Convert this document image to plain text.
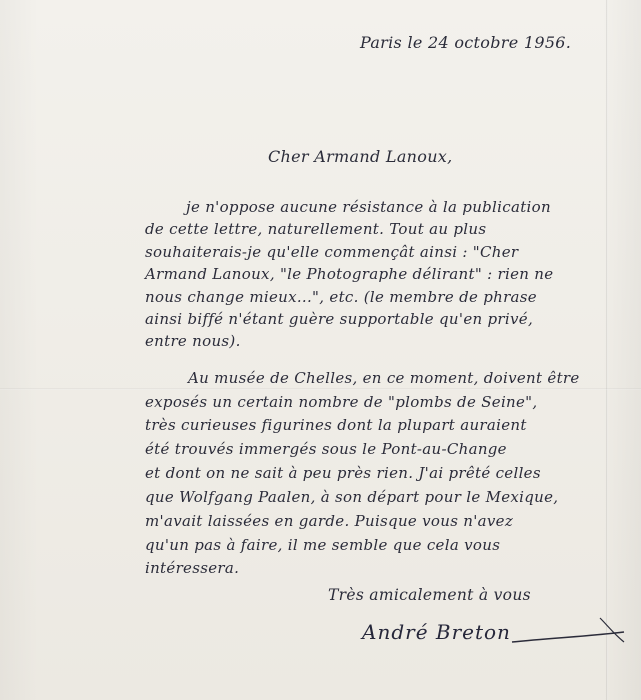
Paris le 24 octobre 1956.
Cher Armand Lanoux,
je n'oppose aucune résistance à la publication
de cette lettre, naturellement. Tout au plus
souhaiterais-je qu'elle commençât ainsi : "Cher
Armand Lanoux, "le Photographe délirant" : rien ne
nous change mieux...", etc. (le membre de phrase
ainsi biffé n'étant guère supportable qu'en privé,
entre nous).
Au musée de Chelles, en ce moment, doivent être
exposés un certain nombre de "plombs de Seine",
très curieuses figurines dont la plupart auraient
été trouvés immergés sous le Pont-au-Change
et dont on ne sait à peu près rien. J'ai prêté celles
que Wolfgang Paalen, à son départ pour le Mexique,
m'avait laissées en garde. Puisque vous n'avez
qu'un pas à faire, il me semble que cela vous
Très amicalement à vous
André Breton
intéressera.
